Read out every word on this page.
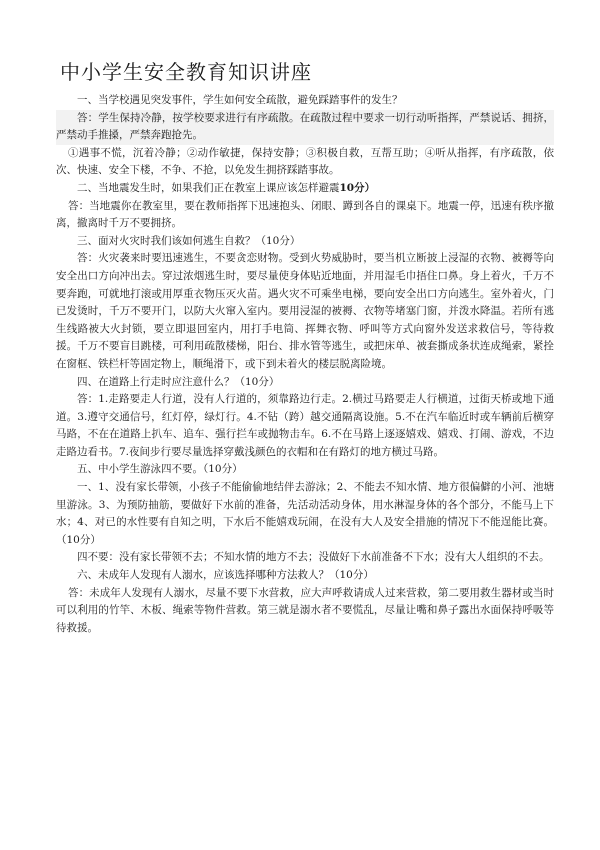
中小学生安全教育知识讲座

一、当学校遇见突发事件，学生如何安全疏散，避免踩踏事件的发生？

答：学生保持冷静，按学校要求进行有序疏散。在疏散过程中要求一切行动听指挥，严禁说话、拥挤，严禁动手推搡，严禁奔跑抢先。

①遇事不慌，沉着冷静；②动作敏捷，保持安静；③积极自救，互帮互助；④听从指挥，有序疏散，依次、快速、安全下楼，不争、不抢，以免发生拥挤踩踏事故。

二、当地震发生时，如果我们正在教室上课应该怎样避震10分）

答：当地震你在教室里，要在教师指挥下迅速抱头、闭眼、蹲到各自的课桌下。地震一停，迅速有秩序撤离，撤离时千万不要拥挤。

三、面对火灾时我们该如何逃生自救？（10分）

答：火灾袭来时要迅速逃生，不要贪恋财物。受到火势威胁时，要当机立断披上浸湿的衣物、被褥等向安全出口方向冲出去。穿过浓烟逃生时，要尽量使身体贴近地面，并用湿毛巾捂住口鼻。身上着火，千万不要奔跑，可就地打滚或用厚重衣物压灭火苗。遇火灾不可乘坐电梯，要向安全出口方向逃生。室外着火，门已发烫时，千万不要开门，以防大火窜入室内。要用浸湿的被褥、衣物等堵塞门窗，并泼水降温。若所有逃生线路被大火封锁，要立即退回室内，用打手电筒、挥舞衣物、呼叫等方式向窗外发送求救信号，等待救援。千万不要盲目跳楼，可利用疏散楼梯，阳台、排水管等逃生，或把床单、被套撕成条状连成绳索，紧拴在窗框、铁栏杆等固定物上，顺绳滑下，或下到未着火的楼层脱离险境。

四、在道路上行走时应注意什么？（10分）

答：1.走路要走人行道，没有人行道的，须靠路边行走。2.横过马路要走人行横道，过街天桥或地下通道。3.遵守交通信号，红灯停，绿灯行。4.不钻（跨）越交通隔离设施。5.不在汽车临近时或车辆前后横穿马路，不在在道路上扒车、追车、强行拦车或抛物击车。6.不在马路上逐逐嬉戏、嬉戏、打闹、游戏，不边走路边看书。7.夜间步行要尽量选择穿戴浅颜色的衣帽和在有路灯的地方横过马路。

五、中小学生游泳四不要。（10分）

一、1、没有家长带领，小孩子不能偷偷地结伴去游泳；2、不能去不知水情、地方很偏僻的小河、池塘里游泳。3、为预防抽筋，要做好下水前的准备，先活动活动身体，用水淋湿身体的各个部分，不能马上下水；4、对已的水性要有自知之明，下水后不能嬉戏玩闹，在没有大人及安全措施的情况下不能逞能比赛。（10分）

四不要：没有家长带领不去；不知水情的地方不去；没做好下水前准备不下水；没有大人组织的不去。

六、未成年人发现有人溺水，应该选择哪种方法救人？（10分）

答：未成年人发现有人溺水，尽量不要下水营救，应大声呼救请成人过来营救，第二要用救生器材或当时可以利用的竹竿、木板、绳索等物件营救。第三就是溺水者不要慌乱，尽量让嘴和鼻子露出水面保持呼吸等待救援。
